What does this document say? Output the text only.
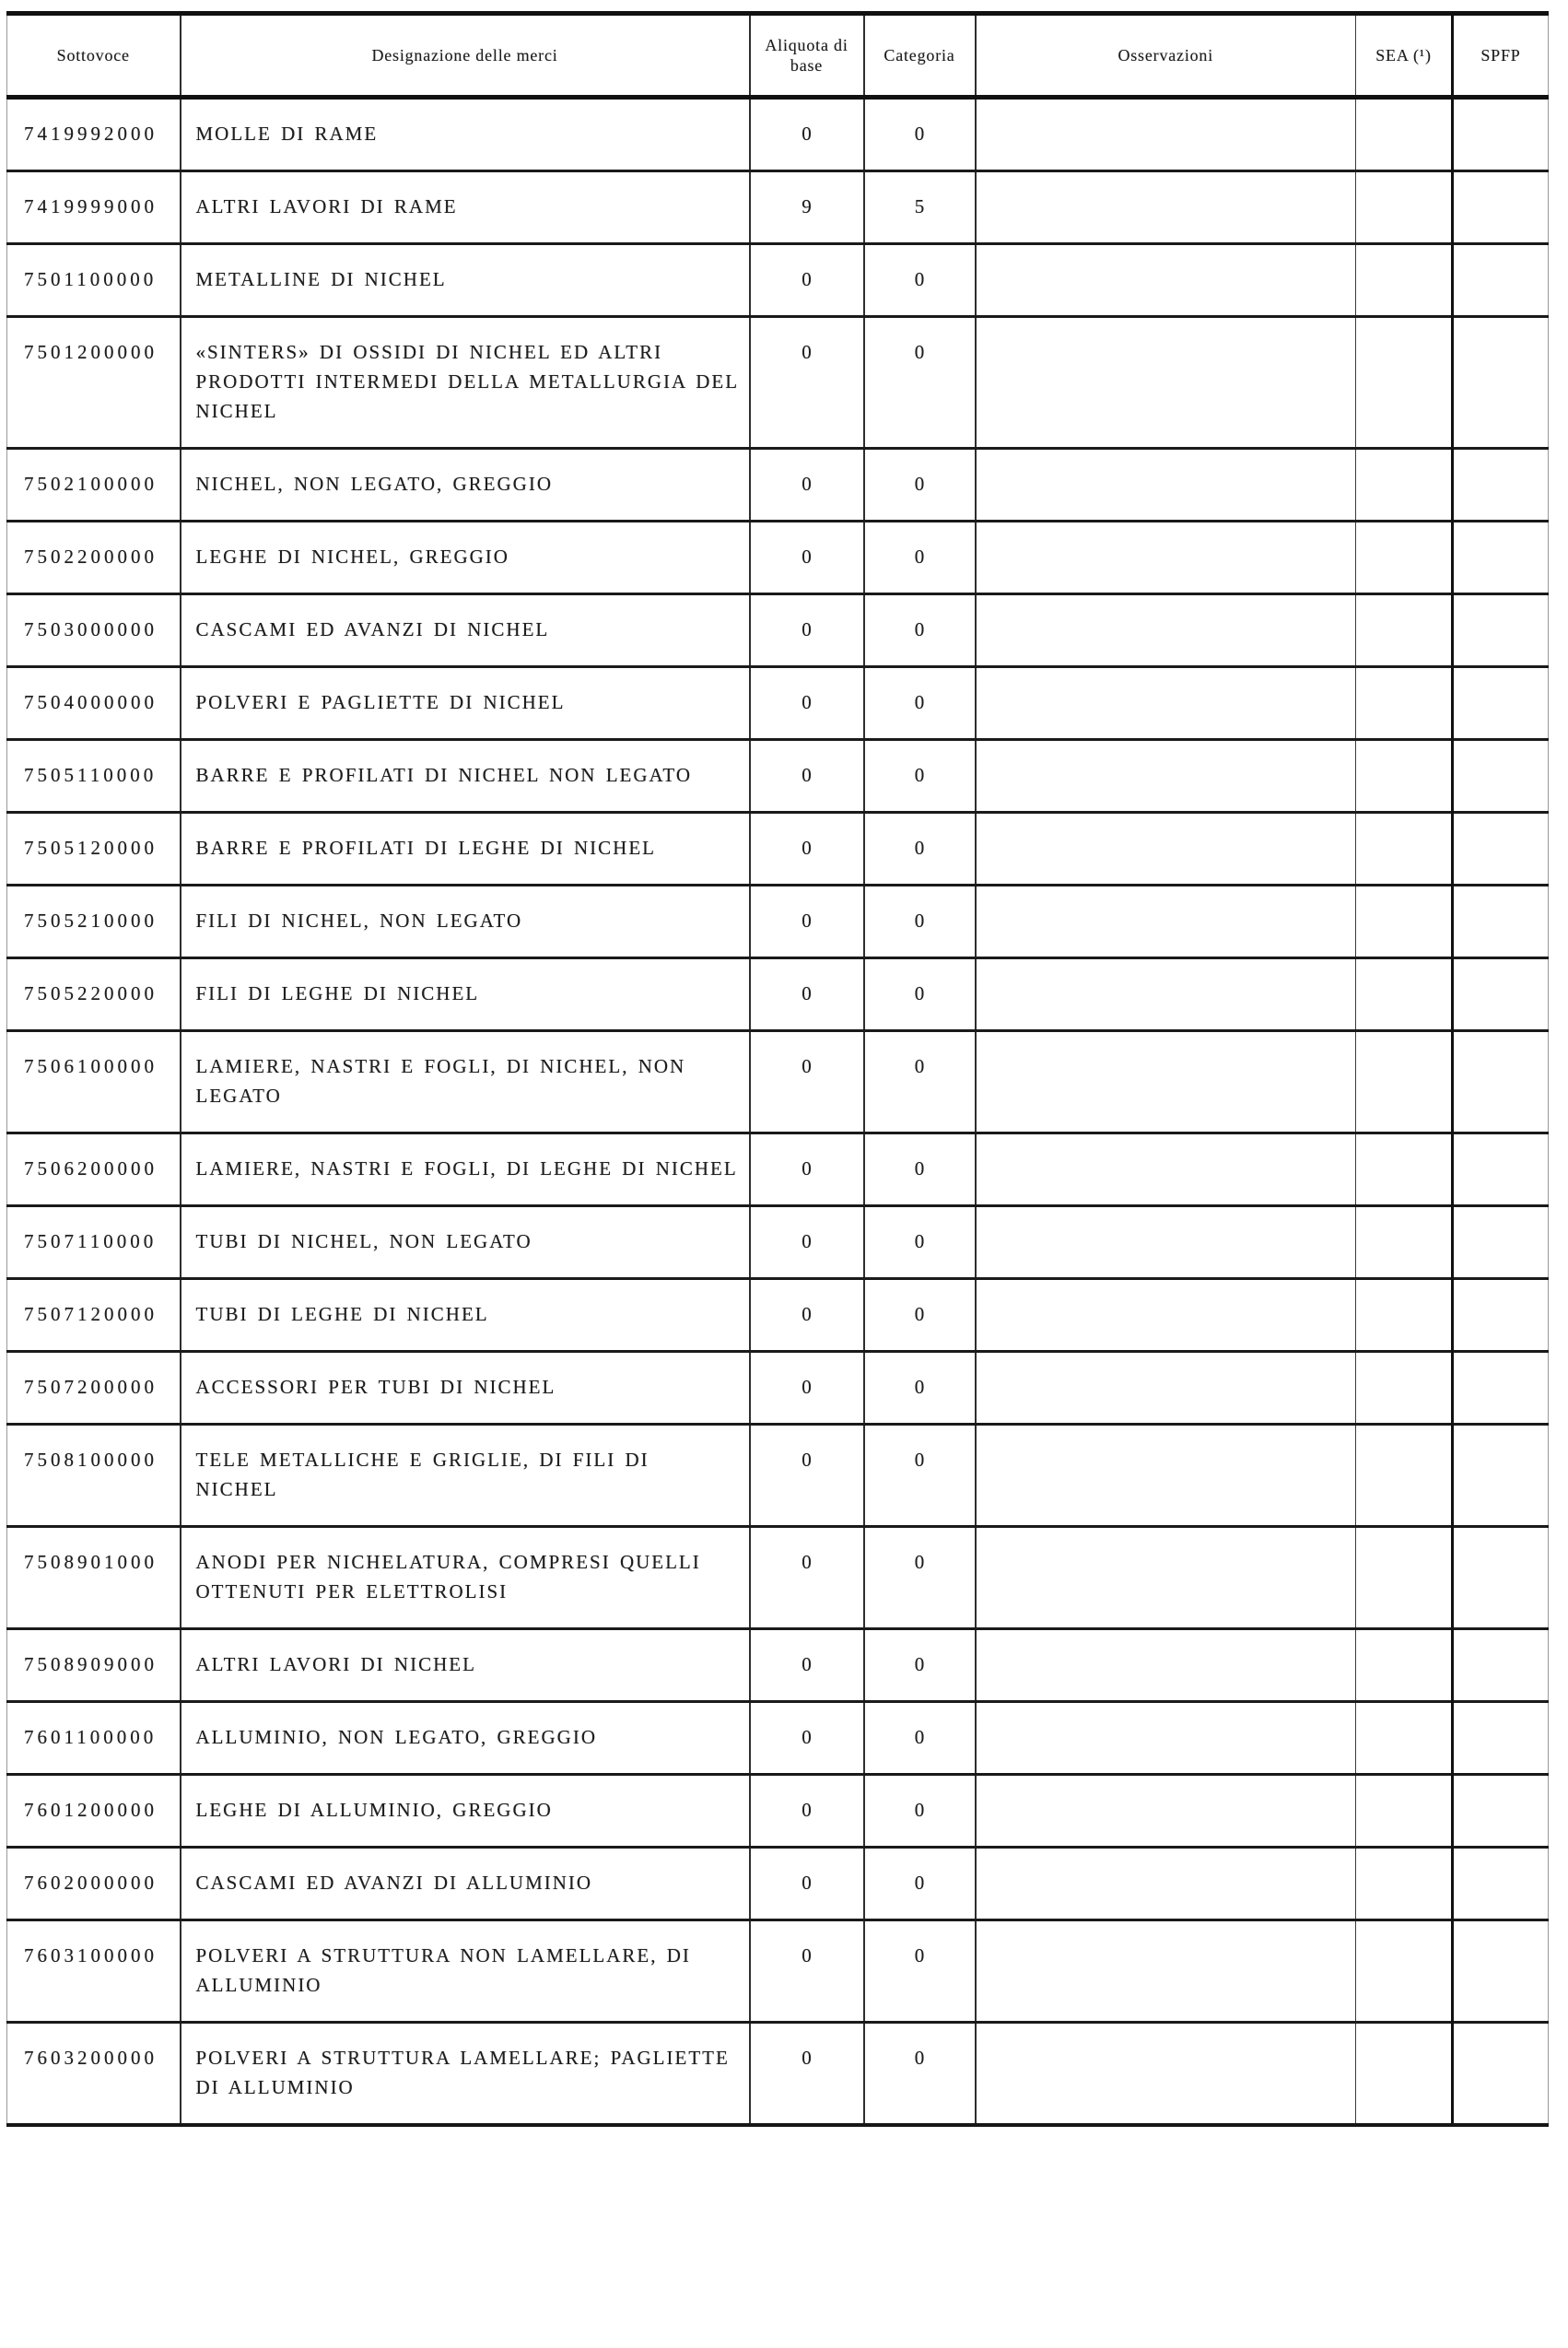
Sottovoce	Designazione delle merci	Aliquota di base	Categoria	Osservazioni	SEA (¹)	SPFP
7419992000	MOLLE DI RAME	0	0			
7419999000	ALTRI LAVORI DI RAME	9	5			
7501100000	METALLINE DI NICHEL	0	0			
7501200000	«SINTERS» DI OSSIDI DI NICHEL ED ALTRI PRODOTTI INTERMEDI DELLA METALLURGIA DEL NICHEL	0	0			
7502100000	NICHEL, NON LEGATO, GREGGIO	0	0			
7502200000	LEGHE DI NICHEL, GREGGIO	0	0			
7503000000	CASCAMI ED AVANZI DI NICHEL	0	0			
7504000000	POLVERI E PAGLIETTE DI NICHEL	0	0			
7505110000	BARRE E PROFILATI DI NICHEL NON LEGATO	0	0			
7505120000	BARRE E PROFILATI DI LEGHE DI NICHEL	0	0			
7505210000	FILI DI NICHEL, NON LEGATO	0	0			
7505220000	FILI DI LEGHE DI NICHEL	0	0			
7506100000	LAMIERE, NASTRI E FOGLI, DI NICHEL, NON LEGATO	0	0			
7506200000	LAMIERE, NASTRI E FOGLI, DI LEGHE DI NICHEL	0	0			
7507110000	TUBI DI NICHEL, NON LEGATO	0	0			
7507120000	TUBI DI LEGHE DI NICHEL	0	0			
7507200000	ACCESSORI PER TUBI DI NICHEL	0	0			
7508100000	TELE METALLICHE E GRIGLIE, DI FILI DI NICHEL	0	0			
7508901000	ANODI PER NICHELATURA, COMPRESI QUELLI OTTENUTI PER ELETTROLISI	0	0			
7508909000	ALTRI LAVORI DI NICHEL	0	0			
7601100000	ALLUMINIO, NON LEGATO, GREGGIO	0	0			
7601200000	LEGHE DI ALLUMINIO, GREGGIO	0	0			
7602000000	CASCAMI ED AVANZI DI ALLUMINIO	0	0			
7603100000	POLVERI A STRUTTURA NON LAMELLARE, DI ALLUMINIO	0	0			
7603200000	POLVERI A STRUTTURA LAMELLARE; PAGLIETTE DI ALLUMINIO	0	0			
